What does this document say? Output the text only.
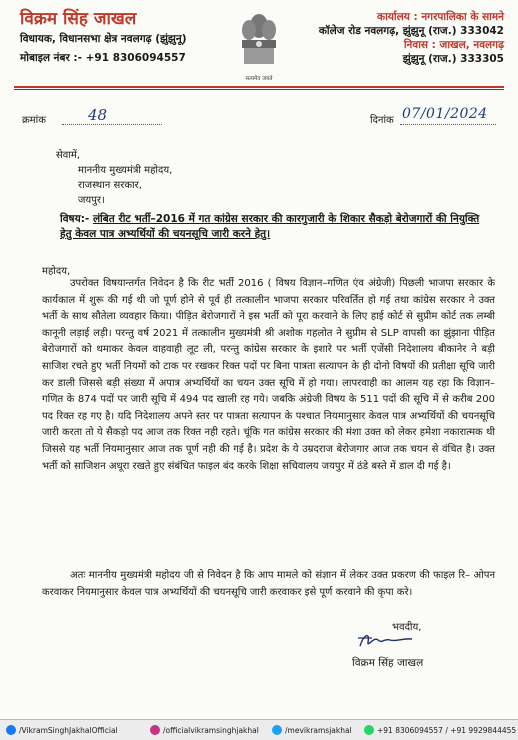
विक्रम सिंह जाखल
विधायक, विधानसभा क्षेत्र नवलगढ़ (झुंझुनू)
मोबाइल नंबर :- +91 8306094557
सत्यमेव जयते
कार्यालय : नगरपालिका के सामने
कॉलेज रोड नवलगढ़, झुंझुनू (राज.) 333042
निवास : जाखल, नवलगढ़
झुंझुनू (राज.) 333305
क्रमांक	48	दिनांक 07/01/2024
सेवामें,
माननीय मुख्यमंत्री महोदय,
राजस्थान सरकार,
जयपुर।
विषय:- लंबित रीट भर्ती–2016 में गत कांग्रेस सरकार की कारगुजारी के शिकार सैकड़ो बेरोजगारों की नियुक्ति हेतु केवल पात्र अभ्यर्थियों की चयनसूचि जारी करने हेतु।
महोदय,

उपरोक्त विषयान्तर्गत निवेदन है कि रीट भर्ती 2016 ( विषय विज्ञान–गणित एंव अंग्रेजी) पिछली भाजपा सरकार के कार्यकाल में शुरू की गई थी जो पूर्ण होने से पूर्व ही तत्कालीन भाजपा सरकार परिवर्तित हो गई तथा कांग्रेस सरकार ने उक्त भर्ती के साथ सौतेला व्यवहार किया। पीड़ित बेरोजगारों ने इस भर्ती को पूरा करवाने के लिए हाई कोर्ट से सुप्रीम कोर्ट तक लम्बी कानूनी लड़ाई लड़ी। परन्तु वर्ष 2021 में तत्कालीन मुख्यमंत्री श्री अशोक गहलोत ने सुप्रीम से SLP वापसी का झुंझाना पीड़ित बेरोजगारों को थमाकर केवल वाहवाही लूट ली, परन्तु कांग्रेस सरकार के इशारे पर भर्ती एजेंसी निदेशालय बीकानेर ने बड़ी साजिश रचते हुए भर्ती नियमों को टाक पर रखकर रिक्त पदों पर बिना पात्रता सत्यापन के ही दोनो विषयों की प्रतीक्षा सूचि जारी कर डाली जिससे बड़ी संख्या में अपात्र अभ्यर्थियों का चयन उक्त सूचि में हो गया। लापरवाही का आलम यह रहा कि विज्ञान–गणित के 874 पदों पर जारी सूचि में 494 पद खाली रह गये। जबकि अंग्रेजी विषय के 511 पदों की सूचि में से करीब 200 पद रिक्त रह गए है। यदि निदेशालय अपने स्तर पर पात्रता सत्यापन के पश्चात नियमानुसार केवल पात्र अभ्यर्थियों की चयनसूचि जारी करता तो ये सैकड़ो पद आज तक रिक्त नही रहते। चूंकि गत कांग्रेस सरकार की मंशा उक्त को लेकर हमेशा नकारात्मक थी जिससे यह भर्ती नियमानुसार आज तक पूर्ण नही की गई है। प्रदेश के ये उम्रदराज बेरोजगार आज तक चयन से वंचित है। उक्त भर्ती को साजिशन अधूरा रखते हुए संबंधित फाइल बंद करके शिक्षा सचिवालय जयपुर में ठंडे बस्ते में डाल दी गई है।

अतः माननीय मुख्यमंत्री महोदय जी से निवेदन है कि आप मामले को संज्ञान में लेकर उक्त प्रकरण की फाइल रि– ओपन करवाकर नियमानुसार केवल पात्र अभ्यर्थियों की चयनसूचि जारी करवाकर इसे पूर्ण करवाने की कृपा करे।

भवदीय,
विक्रम सिंह जाखल
/VikramSinghJakhalOfficial	/officialvikramsinghjakhal	/mevikramsjakhal	+91 8306094557 / +91 9929844455
